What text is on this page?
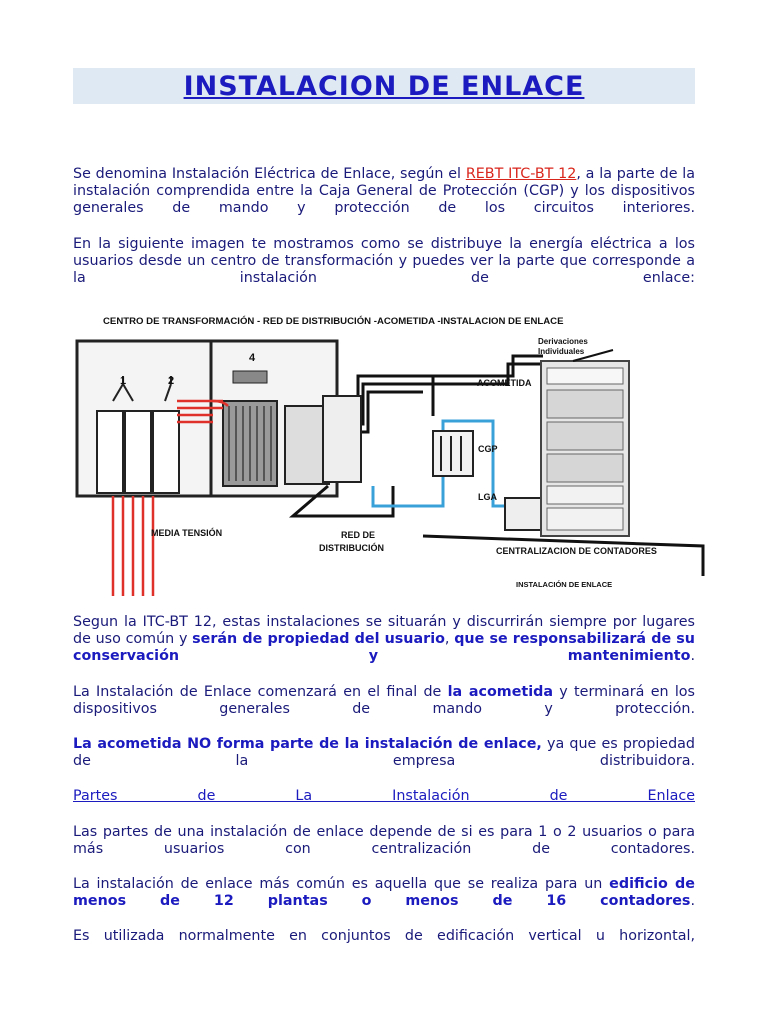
INSTALACION DE ENLACE

Se denomina Instalación Eléctrica de Enlace, según el REBT ITC-BT 12, a la parte de la instalación comprendida entre la Caja General de Protección (CGP) y los dispositivos generales de mando y protección de los circuitos interiores.

En la siguiente imagen te mostramos como se distribuye la energía eléctrica a los usuarios desde un centro de transformación y puedes ver la parte que corresponde a la instalación de enlace:

CENTRO DE TRANSFORMACIÓN - RED DE DISTRIBUCIÓN -ACOMETIDA -INSTALACION DE ENLACE
1	2
4
Derivaciones
Individuales
ACOMETIDA
CGP
LGA
MEDIA TENSIÓN	RED DE
DISTRIBUCIÓN	CENTRALIZACION DE CONTADORES
INSTALACIÓN DE ENLACE

Segun la ITC-BT 12, estas instalaciones se situarán y discurrirán siempre por lugares de uso común y serán de propiedad del usuario, que se responsabilizará de su conservación y mantenimiento.

La Instalación de Enlace comenzará en el final de la acometida y terminará en los dispositivos generales de mando y protección.

La acometida NO forma parte de la instalación de enlace, ya que es propiedad de la empresa distribuidora.

Partes de La Instalación de Enlace

Las partes de una instalación de enlace depende de si es para 1 o 2 usuarios o para más usuarios con centralización de contadores.

La instalación de enlace más común es aquella que se realiza para un edificio de menos de 12 plantas o menos de 16 contadores.

Es utilizada normalmente en conjuntos de edificación vertical u horizontal,
